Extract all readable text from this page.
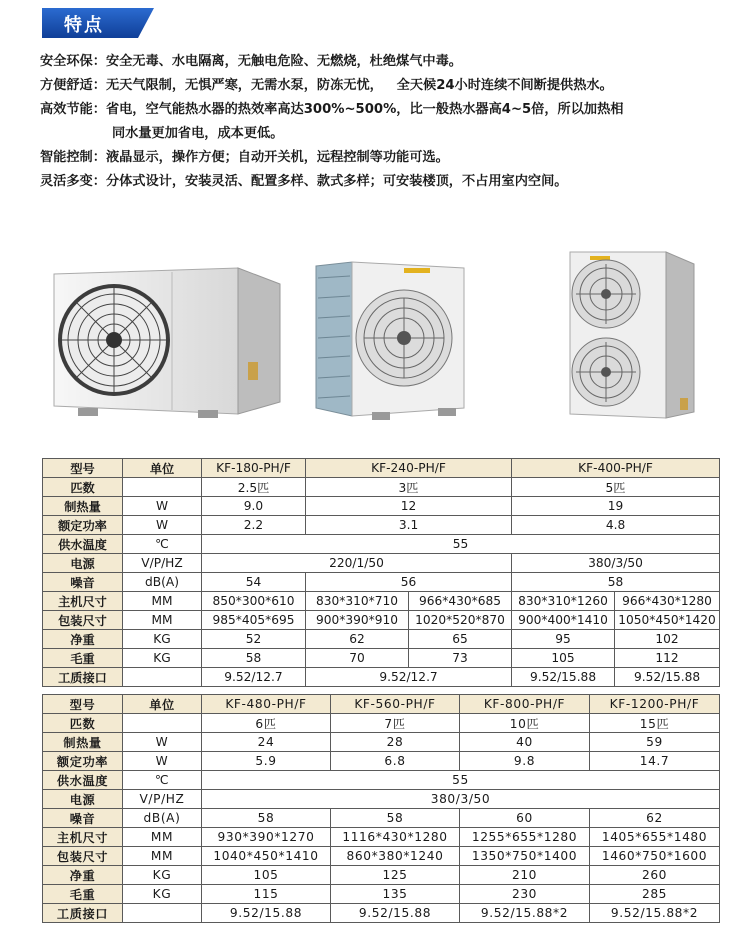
特点
安全环保：安全无毒、水电隔离，无触电危险、无燃烧，杜绝煤气中毒。
方便舒适：无天气限制，无惧严寒，无需水泵，防冻无忧，   全天候24小时连续不间断提供热水。
高效节能：省电，空气能热水器的热效率高达300%~500%，比一般热水器高4~5倍，所以加热相
同水量更加省电，成本更低。
智能控制：液晶显示，操作方便；自动开关机，远程控制等功能可选。
灵活多变：分体式设计，安装灵活、配置多样、款式多样；可安装楼顶，不占用室内空间。
型号	单位	KF-180-PH/F	KF-240-PH/F		KF-400-PH/F	
匹数		2.5匹	3匹		5匹	
制热量	W	9.0	12		19	
额定功率	W	2.2	3.1		4.8	
供水温度	℃	55				
电源	V/P/HZ	220/1/50			380/3/50	
噪音	dB(A)	54	56		58	
主机尺寸	MM	850*300*610	830*310*710	966*430*685	830*310*1260	966*430*1280
包装尺寸	MM	985*405*695	900*390*910	1020*520*870	900*400*1410	1050*450*1420
净重	KG	52	62	65	95	102
毛重	KG	58	70	73	105	112
工质接口		9.52/12.7	9.52/12.7		9.52/15.88	9.52/15.88
型号	单位	KF-480-PH/F	KF-560-PH/F	KF-800-PH/F	KF-1200-PH/F
匹数		6匹	7匹	10匹	15匹
制热量	W	24	28	40	59
额定功率	W	5.9	6.8	9.8	14.7
供水温度	℃	55			
电源	V/P/HZ	380/3/50			
噪音	dB(A)	58	58	60	62
主机尺寸	MM	930*390*1270	1116*430*1280	1255*655*1280	1405*655*1480
包装尺寸	MM	1040*450*1410	860*380*1240	1350*750*1400	1460*750*1600
净重	KG	105	125	210	260
毛重	KG	115	135	230	285
工质接口		9.52/15.88	9.52/15.88	9.52/15.88*2	9.52/15.88*2
